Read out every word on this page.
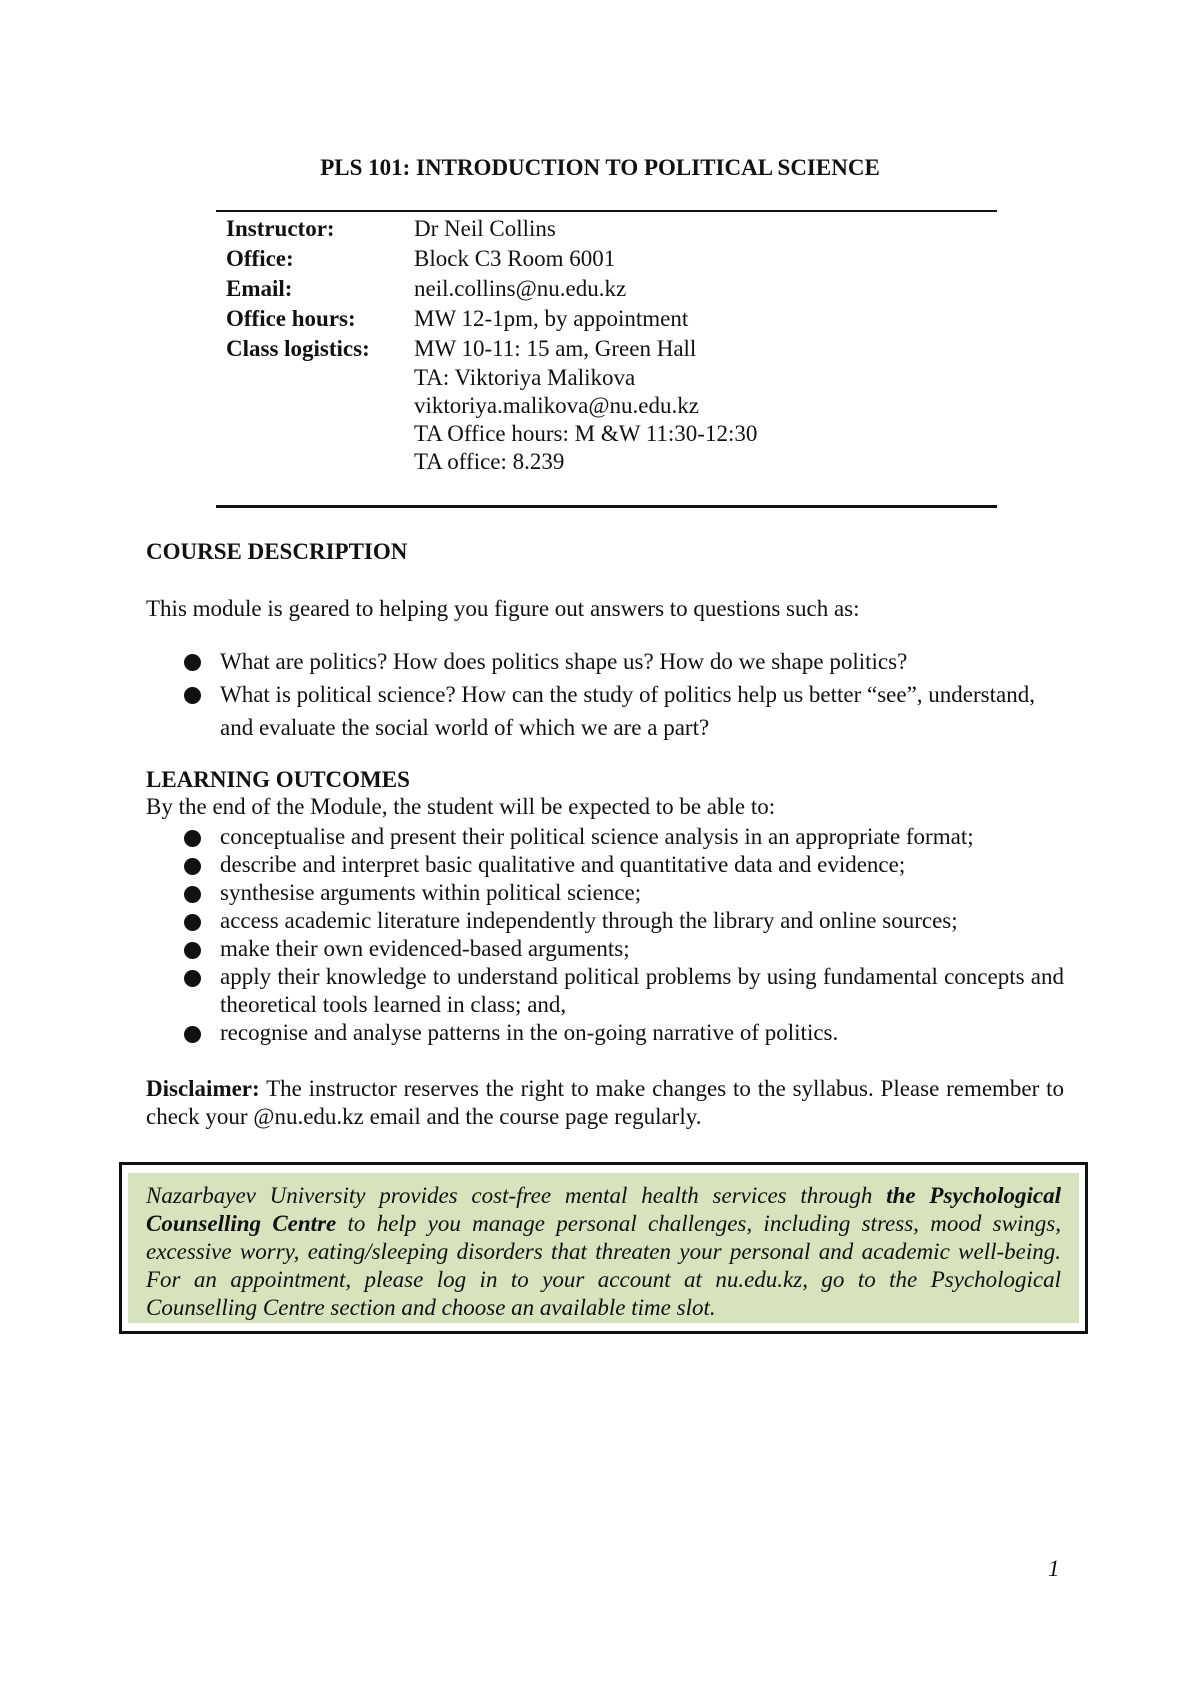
PLS 101: INTRODUCTION TO POLITICAL SCIENCE
Instructor:	Dr Neil Collins
Office:	Block C3 Room 6001
Email:	neil.collins@nu.edu.kz
Office hours:	MW 12-1pm, by appointment
Class logistics:	MW 10-11: 15 am, Green Hall
TA: Viktoriya Malikova
viktoriya.malikova@nu.edu.kz
TA Office hours: M &W 11:30-12:30
TA office: 8.239
COURSE DESCRIPTION
This module is geared to helping you figure out answers to questions such as:
What are politics? How does politics shape us? How do we shape politics?
What is political science? How can the study of politics help us better “see”, understand, and evaluate the social world of which we are a part?
LEARNING OUTCOMES
By the end of the Module, the student will be expected to be able to:
conceptualise and present their political science analysis in an appropriate format;
describe and interpret basic qualitative and quantitative data and evidence;
synthesise arguments within political science;
access academic literature independently through the library and online sources;
make their own evidenced-based arguments;
apply their knowledge to understand political problems by using fundamental concepts and theoretical tools learned in class; and,
recognise and analyse patterns in the on-going narrative of politics.
Disclaimer: The instructor reserves the right to make changes to the syllabus. Please remember to check your @nu.edu.kz email and the course page regularly.
Nazarbayev University provides cost-free mental health services through the Psychological Counselling Centre to help you manage personal challenges, including stress, mood swings, excessive worry, eating/sleeping disorders that threaten your personal and academic well-being. For an appointment, please log in to your account at nu.edu.kz, go to the Psychological Counselling Centre section and choose an available time slot.
1
